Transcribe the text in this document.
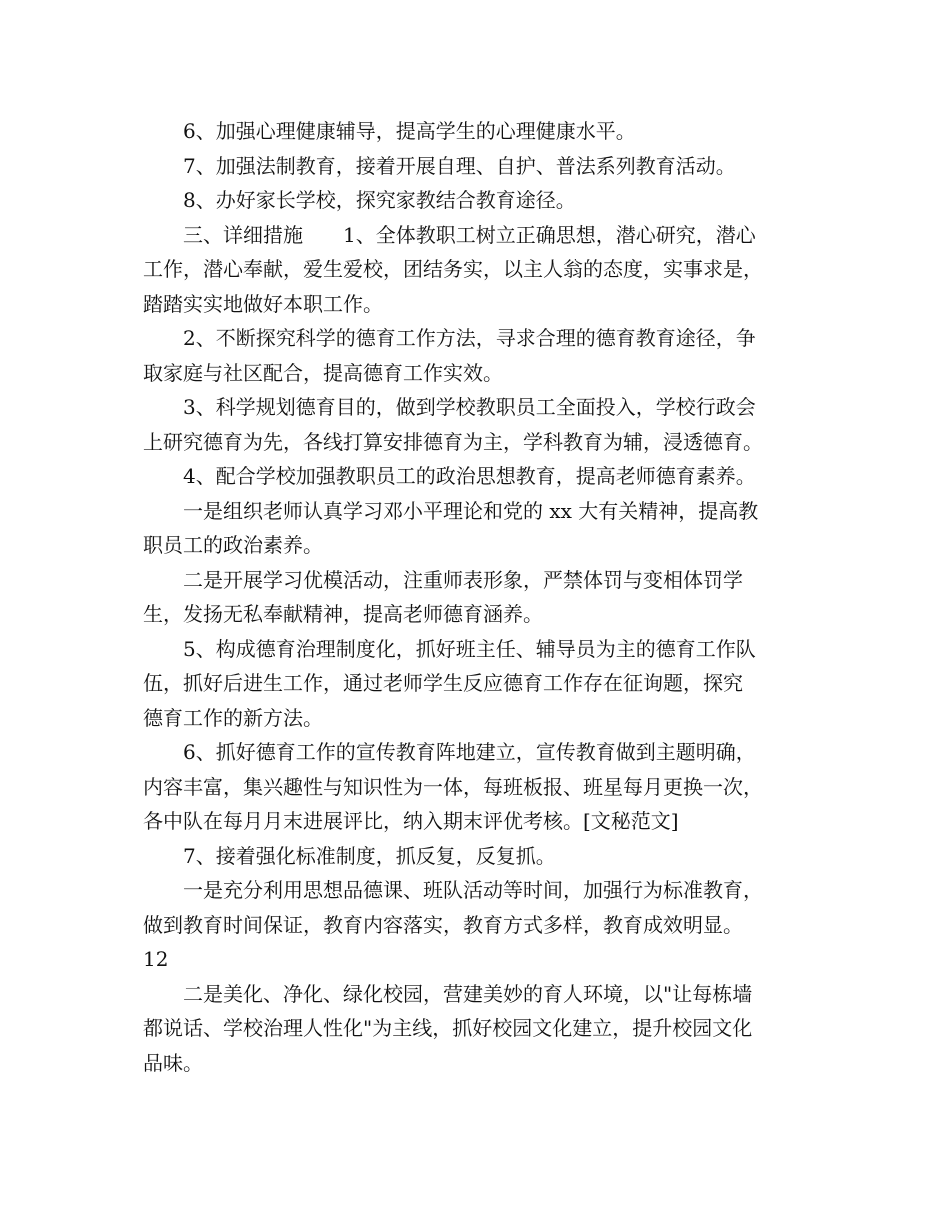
6、加强心理健康辅导，提高学生的心理健康水平。

7、加强法制教育，接着开展自理、自护、普法系列教育活动。

8、办好家长学校，探究家教结合教育途径。

三、详细措施　　1、全体教职工树立正确思想，潜心研究，潜心

工作，潜心奉献，爱生爱校，团结务实，以主人翁的态度，实事求是，

踏踏实实地做好本职工作。

2、不断探究科学的德育工作方法，寻求合理的德育教育途径，争

取家庭与社区配合，提高德育工作实效。

3、科学规划德育目的，做到学校教职员工全面投入，学校行政会

上研究德育为先，各线打算安排德育为主，学科教育为辅，浸透德育。

4、配合学校加强教职员工的政治思想教育，提高老师德育素养。

一是组织老师认真学习邓小平理论和党的 xx 大有关精神，提高教

职员工的政治素养。

二是开展学习优模活动，注重师表形象，严禁体罚与变相体罚学

生，发扬无私奉献精神，提高老师德育涵养。

5、构成德育治理制度化，抓好班主任、辅导员为主的德育工作队

伍，抓好后进生工作，通过老师学生反应德育工作存在征询题，探究

德育工作的新方法。

6、抓好德育工作的宣传教育阵地建立，宣传教育做到主题明确，

内容丰富，集兴趣性与知识性为一体，每班板报、班星每月更换一次，

各中队在每月月末进展评比，纳入期末评优考核。[文秘范文]

7、接着强化标准制度，抓反复，反复抓。

一是充分利用思想品德课、班队活动等时间，加强行为标准教育，

做到教育时间保证，教育内容落实，教育方式多样，教育成效明显。

12

二是美化、净化、绿化校园，营建美妙的育人环境，以"让每栋墙

都说话、学校治理人性化"为主线，抓好校园文化建立，提升校园文化

品味。
